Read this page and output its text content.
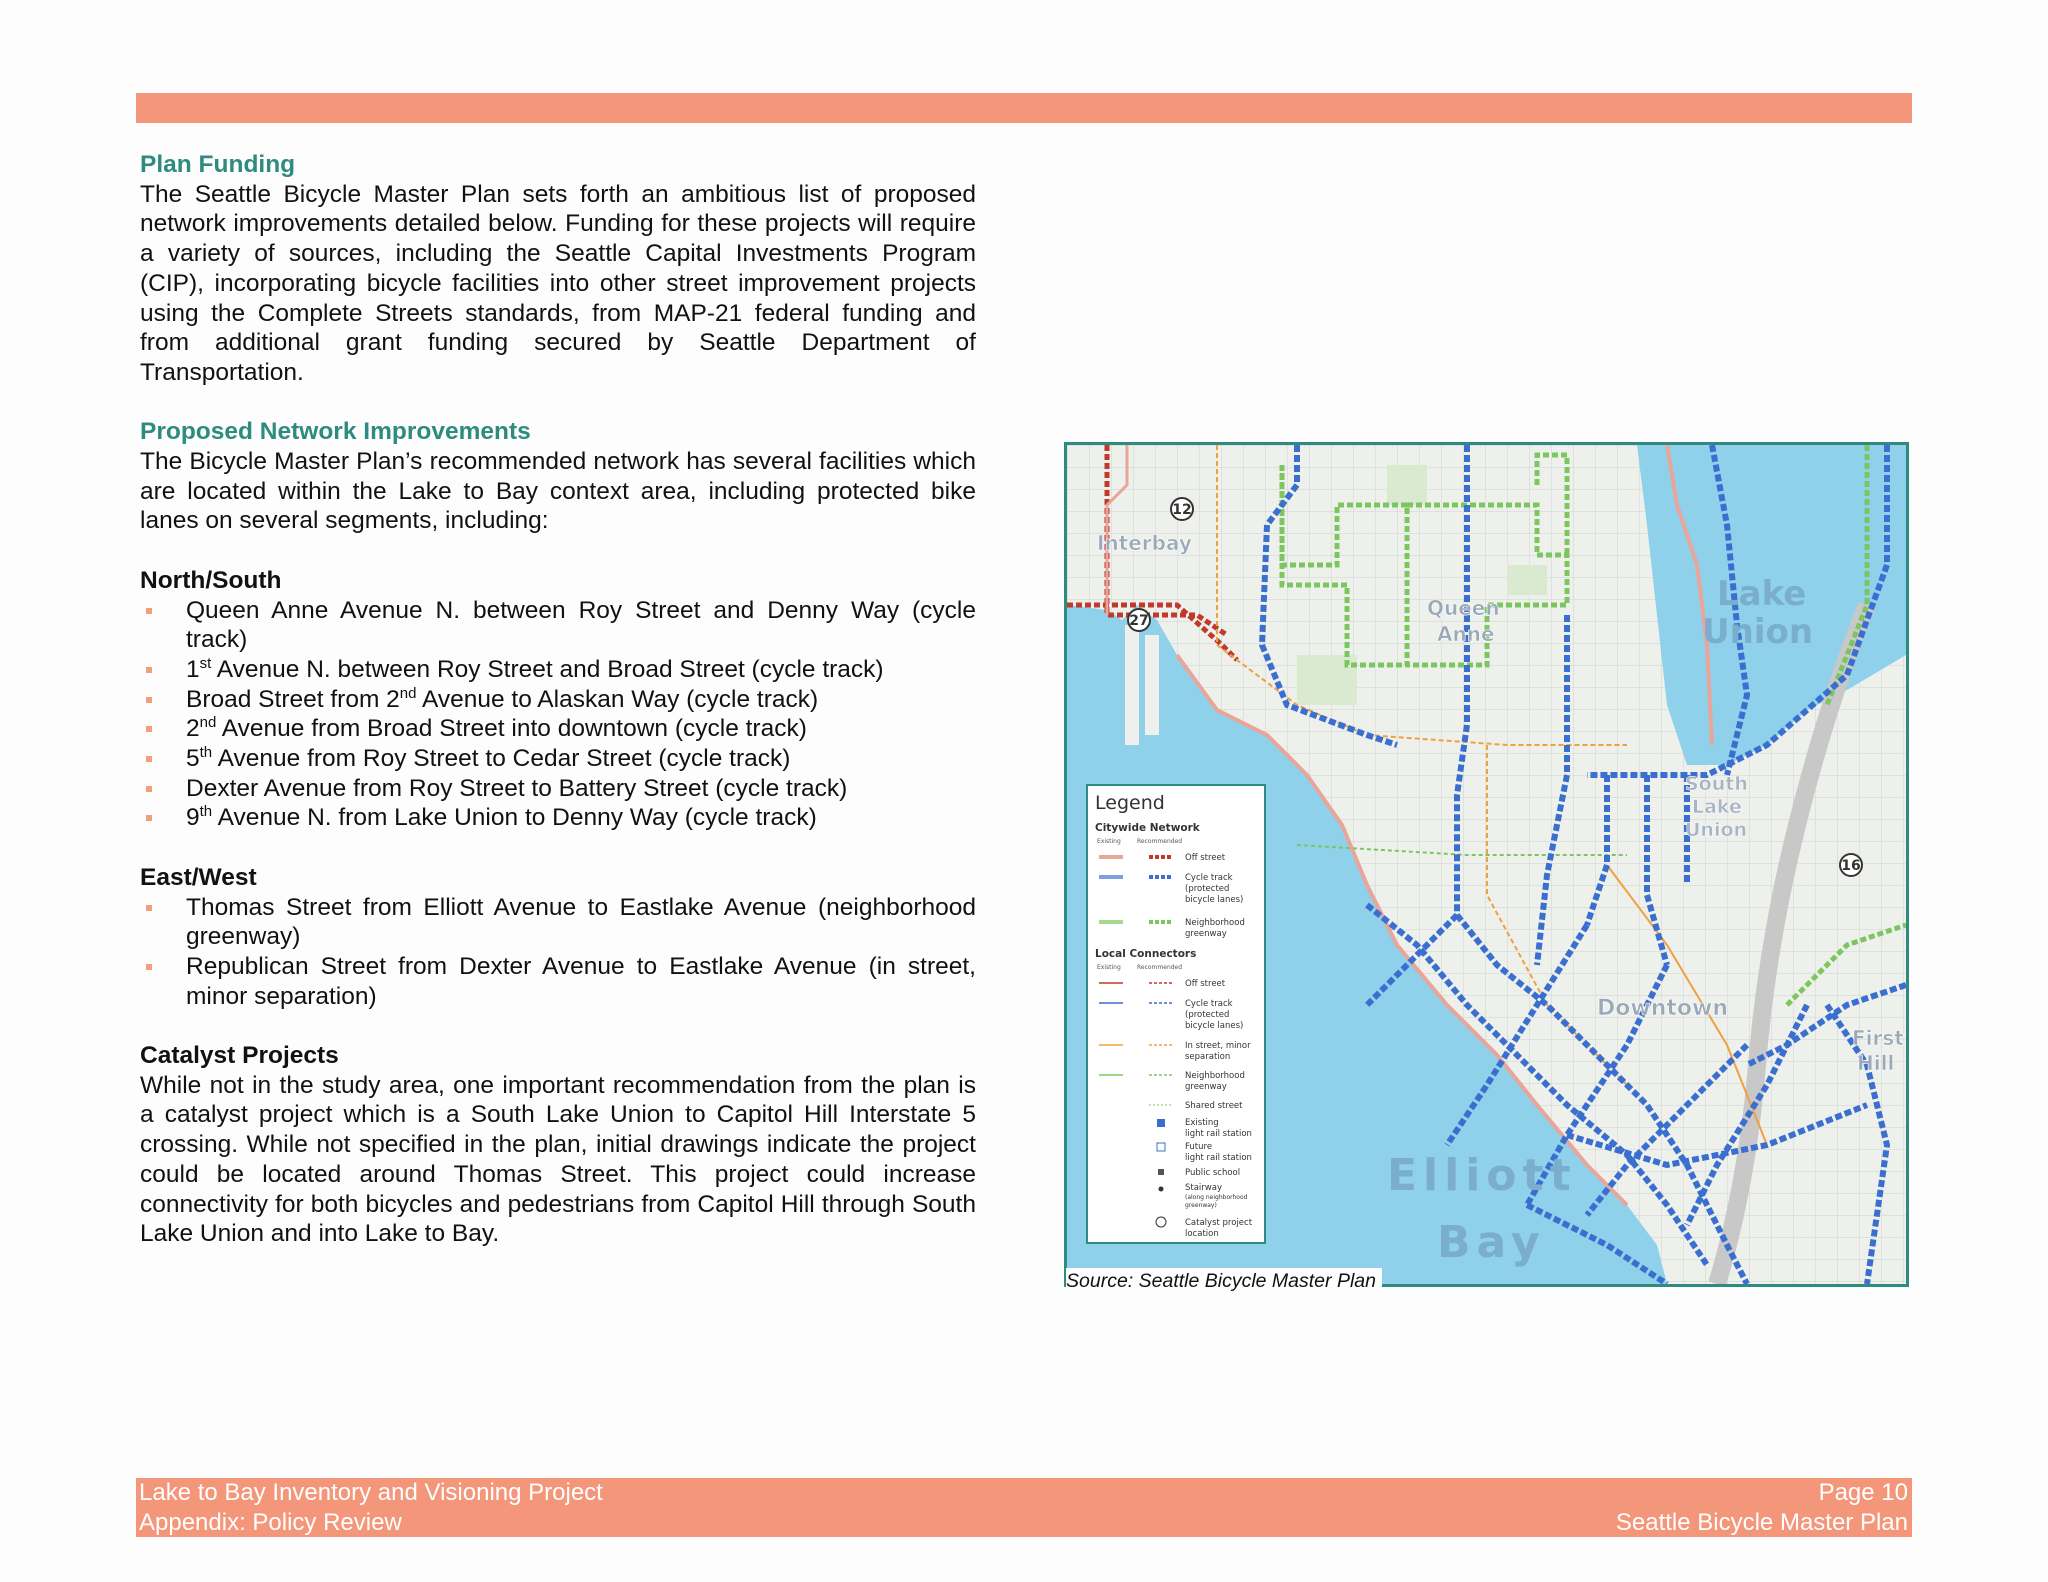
Plan Funding

The Seattle Bicycle Master Plan sets forth an ambitious list of proposed network improvements detailed below. Funding for these projects will require a variety of sources, including the Seattle Capital Investments Program (CIP), incorporating bicycle facilities into other street improvement projects using the Complete Streets standards, from MAP-21 federal funding and from additional grant funding secured by Seattle Department of Transportation.

Proposed Network Improvements

The Bicycle Master Plan’s recommended network has several facilities which are located within the Lake to Bay context area, including protected bike lanes on several segments, including:

North/South
Queen Anne Avenue N. between Roy Street and Denny Way (cycle track)
1st Avenue N. between Roy Street and Broad Street (cycle track)
Broad Street from 2nd Avenue to Alaskan Way (cycle track)
2nd Avenue from Broad Street into downtown (cycle track)
5th Avenue from Roy Street to Cedar Street (cycle track)
Dexter Avenue from Roy Street to Battery Street (cycle track)
9th Avenue N. from Lake Union to Denny Way (cycle track)
East/West
Thomas Street from Elliott Avenue to Eastlake Avenue (neighborhood greenway)
Republican Street from Dexter Avenue to Eastlake Avenue (in street, minor separation)
Catalyst Projects

While not in the study area, one important recommendation from the plan is a catalyst project which is a South Lake Union to Capitol Hill Interstate 5 crossing. While not specified in the plan, initial drawings indicate the project could be located around Thomas Street. This project could increase connectivity for both bicycles and pedestrians from Capitol Hill through South Lake Union and into Lake to Bay.

Interbay
Queen
Anne
Downtown
First
Hill
Lake
Union
Elliott
Bay
South
Lake
Union
12
27
16
Legend
Citywide Network
Existing	Recommended
Off street
Cycle track
(protected
bicycle lanes)
Neighborhood
greenway
Local Connectors
Existing	Recommended
Off street
Cycle track
(protected
bicycle lanes)
In street, minor
separation
Neighborhood
greenway
Shared street
Existing
light rail station
Future
light rail station
Public school
Stairway
(along neighborhood
greenway)
Catalyst project
location
Source: Seattle Bicycle Master Plan
Lake to Bay Inventory and Visioning Project
Appendix: Policy Review
Page 10
Seattle Bicycle Master Plan
